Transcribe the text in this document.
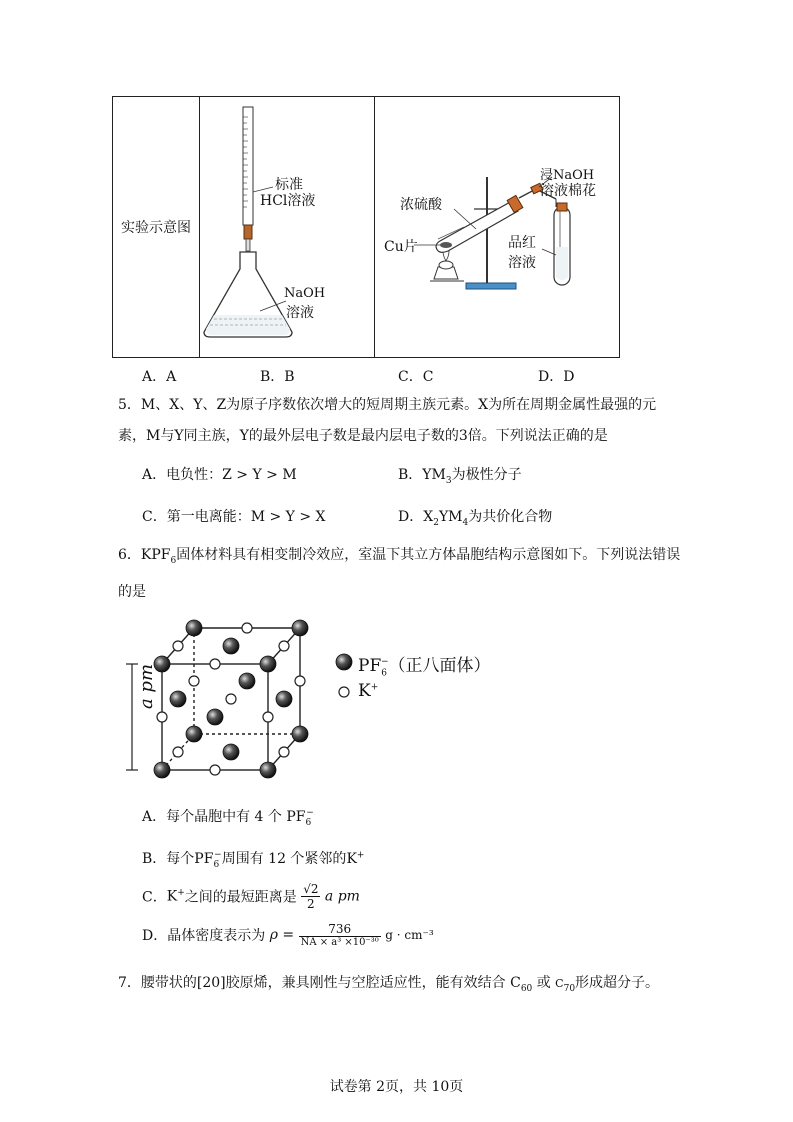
实验示意图		
标准
HCl溶液
NaOH
溶液
浓硫酸
Cu片
浸NaOH
溶液棉花
品红
溶液
A．A	B．B	C．C	D．D
5．M、X、Y、Z为原子序数依次增大的短周期主族元素。X为所在周期金属性最强的元
素，M与Y同主族，Y的最外层电子数是最内层电子数的3倍。下列说法正确的是
A．电负性：Z > Y > M	B．$YM_3$为极性分子
C．第一电离能：M > Y > X	D．$X_2YM_4$为共价化合物
6．$KPF_6$固体材料具有相变制冷效应，室温下其立方体晶胞结构示意图如下。下列说法错误
的是
a pm	$PF_6^-$（正八面体）
K+
A．每个晶胞中有 4 个 $PF_6^-$
B．每个$PF_6^-$周围有 12 个紧邻的K+
C．K+之间的最短距离是 $\frac{√2}{2}$ a pm
D．晶体密度表示为 $\rho = \frac{736}{\text{NA × a³ ×10⁻³⁰}}$ g · cm⁻³
7．腰带状的[20]胶原烯，兼具刚性与空腔适应性，能有效结合 $C_{60}$ 或 $C_{70}$形成超分子。
试卷第 2页，共 10页
